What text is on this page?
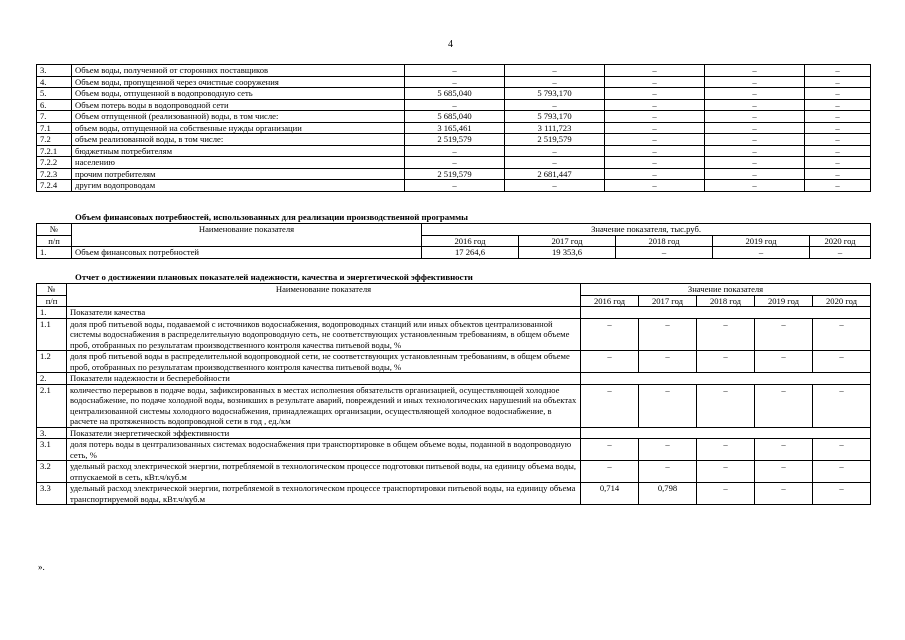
4
3.	Объем воды, полученной от сторонних поставщиков	–	–	–	–	–
4.	Объем воды, пропущенной через очистные сооружения	–	–	–	–	–
5.	Объем воды, отпущенной в водопроводную сеть	5 685,040	5 793,170	–	–	–
6.	Объем потерь воды в водопроводной сети	–	–	–	–	–
7.	Объем отпущенной (реализованной) воды, в том числе:	5 685,040	5 793,170	–	–	–
7.1	объем воды, отпущенной на собственные нужды организации	3 165,461	3 111,723	–	–	–
7.2	объем реализованной воды, в том числе:	2 519,579	2 519,579	–	–	–
7.2.1	бюджетным потребителям	–	–	–	–	–
7.2.2	населению	–	–	–	–	–
7.2.3	прочим потребителям	2 519,579	2 681,447	–	–	–
7.2.4	другим водопроводам	–	–	–	–	–
Объем финансовых потребностей, использованных для реализации производственной программы
№	Наименование показателя	Значение показателя, тыс.руб.				
п/п		2016 год	2017 год	2018 год	2019 год	2020 год
1.	Объем финансовых потребностей	17 264,6	19 353,6	–	–	–
Отчет о достижении плановых показателей надежности, качества и энергетической эффективности
№	Наименование показателя	Значение показателя				
п/п		2016 год	2017 год	2018 год	2019 год	2020 год
1.	Показатели качества					
1.1	доля проб питьевой воды, подаваемой с источников водоснабжения, водопроводных станций или иных объектов централизованной системы водоснабжения в распределительную водопроводную сеть, не соответствующих установленным требованиям, в общем объеме проб, отобранных по результатам производственного контроля качества питьевой воды, %	–	–	–	–	–
1.2	доля проб питьевой воды в распределительной водопроводной сети, не соответствующих установленным требованиям, в общем объеме проб, отобранных по результатам производственного контроля качества питьевой воды, %	–	–	–	–	–
2.	Показатели надежности и бесперебойности					
2.1	количество перерывов в подаче воды, зафиксированных в местах исполнения обязательств организацией, осуществляющей холодное водоснабжение, по подаче холодной воды, возникших в результате аварий, повреждений и иных технологических нарушений на объектах централизованной системы холодного водоснабжения, принадлежащих организации, осуществляющей холодное водоснабжение, в расчете на протяженность водопроводной сети в год , ед./км	–	–	–	–	–
3.	Показатели энергетической эффективности					
3.1	доля потерь воды в централизованных системах водоснабжения при транспортировке в общем объеме воды, поданной в водопроводную сеть, %	–	–	–	–	–
3.2	удельный расход электрической энергии, потребляемой в технологическом процессе подготовки питьевой воды, на единицу объема воды, отпускаемой в сеть, кВт.ч/куб.м	–	–	–	–	–
3.3	удельный расход электрической энергии, потребляемой в технологическом процессе транспортировки питьевой воды, на единицу объема транспортируемой воды, кВт.ч/куб.м	0,714	0,798	–	–	–
».
